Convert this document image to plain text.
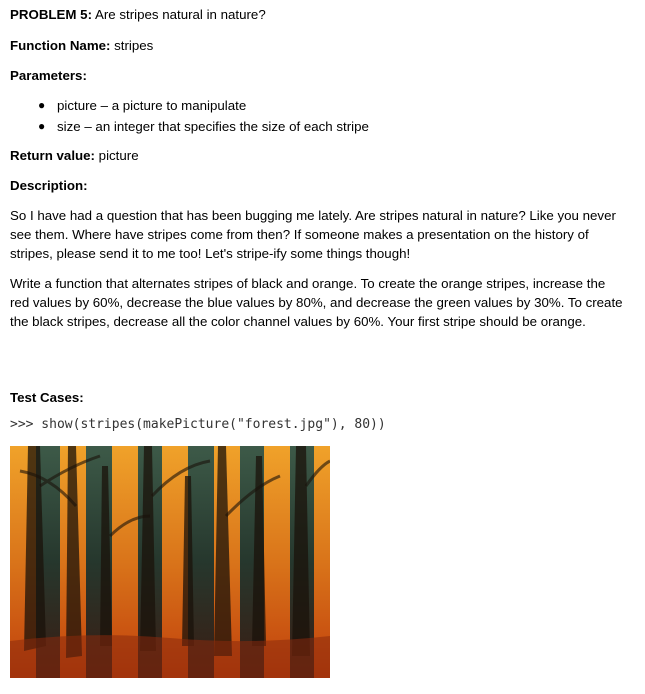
PROBLEM 5: Are stripes natural in nature?
Function Name: stripes
Parameters:
● picture – a picture to manipulate
● size – an integer that specifies the size of each stripe
Return value: picture
Description:
So I have had a question that has been bugging me lately. Are stripes natural in nature? Like you never see them. Where have stripes come from then? If someone makes a presentation on the history of stripes, please send it to me too! Let's stripe-ify some things though!
Write a function that alternates stripes of black and orange. To create the orange stripes, increase the red values by 60%, decrease the blue values by 80%, and decrease the green values by 30%. To create the black stripes, decrease all the color channel values by 60%. Your first stripe should be orange.
Test Cases:
>>> show(stripes(makePicture("forest.jpg"), 80))
